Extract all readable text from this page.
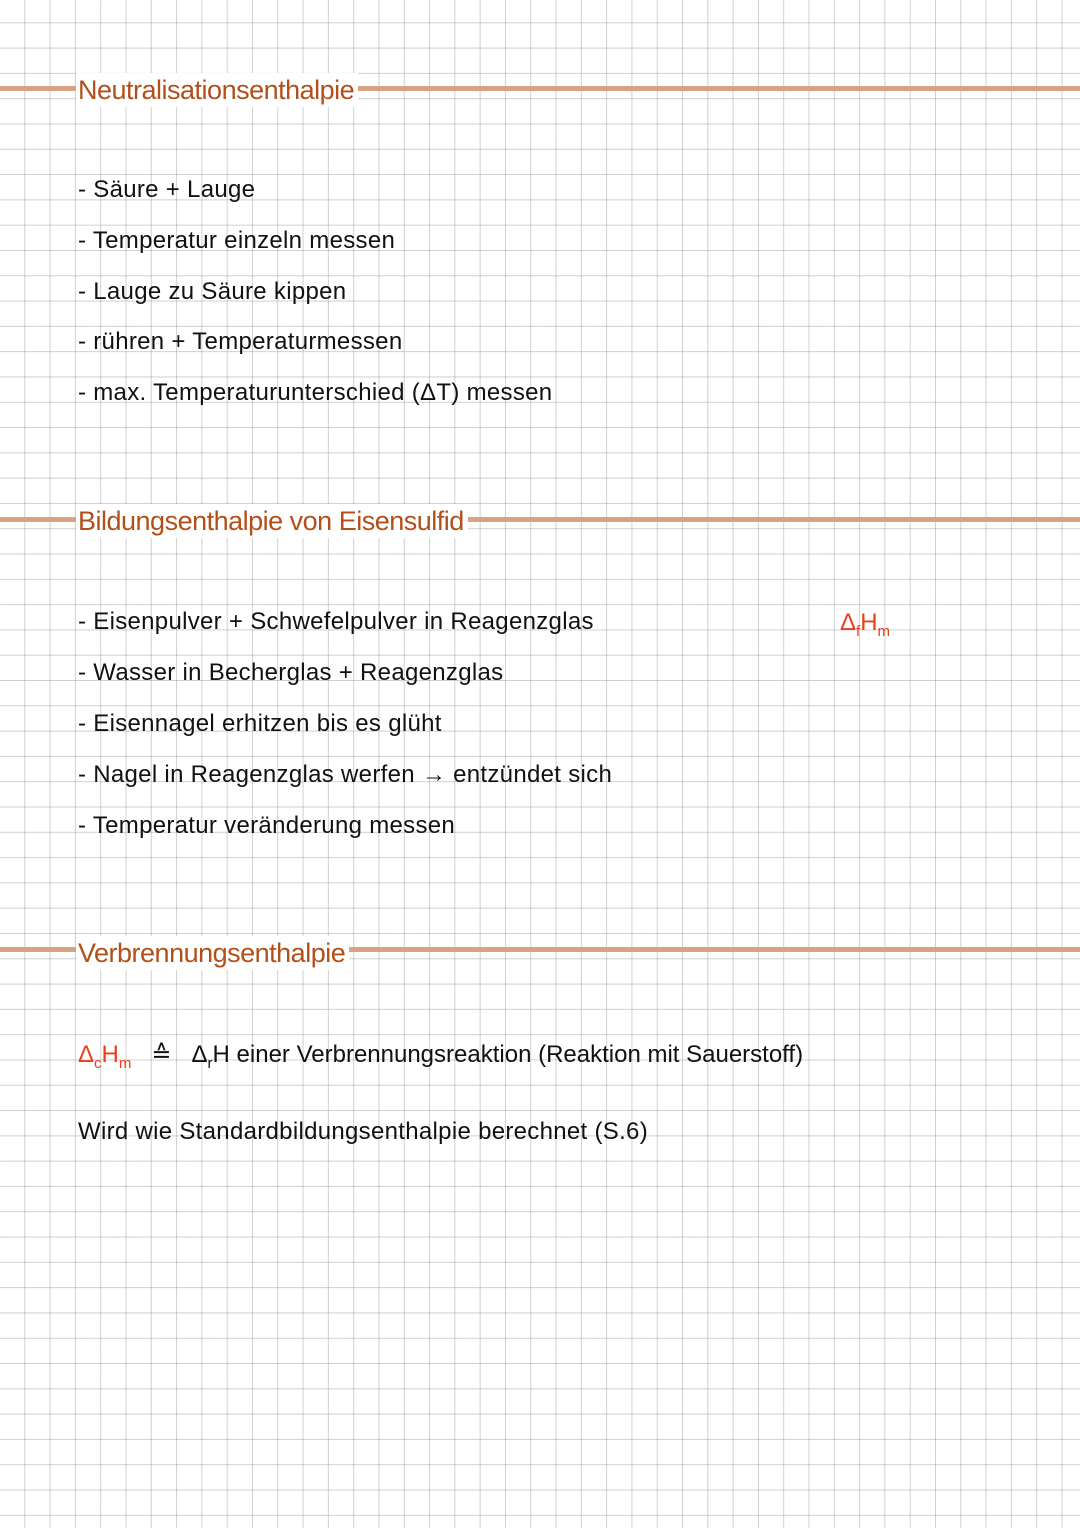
Neutralisationsenthalpie
- Säure + Lauge
- Temperatur einzeln messen
- Lauge zu Säure kippen
- rühren + Temperaturmessen
- max. Temperaturunterschied (ΔT) messen
Bildungsenthalpie von Eisensulfid
- Eisenpulver + Schwefelpulver in Reagenzglas
- Wasser in Becherglas + Reagenzglas
- Eisennagel erhitzen bis es glüht
- Nagel in Reagenzglas werfen → entzündet sich
- Temperatur veränderung messen
$\Delta_fH_m$
Verbrennungsenthalpie
$\Delta_cH_m$ ≙ $\Delta_rH$ einer Verbrennungsreaktion (Reaktion mit Sauerstoff)
Wird wie Standardbildungsenthalpie berechnet (S.6)
